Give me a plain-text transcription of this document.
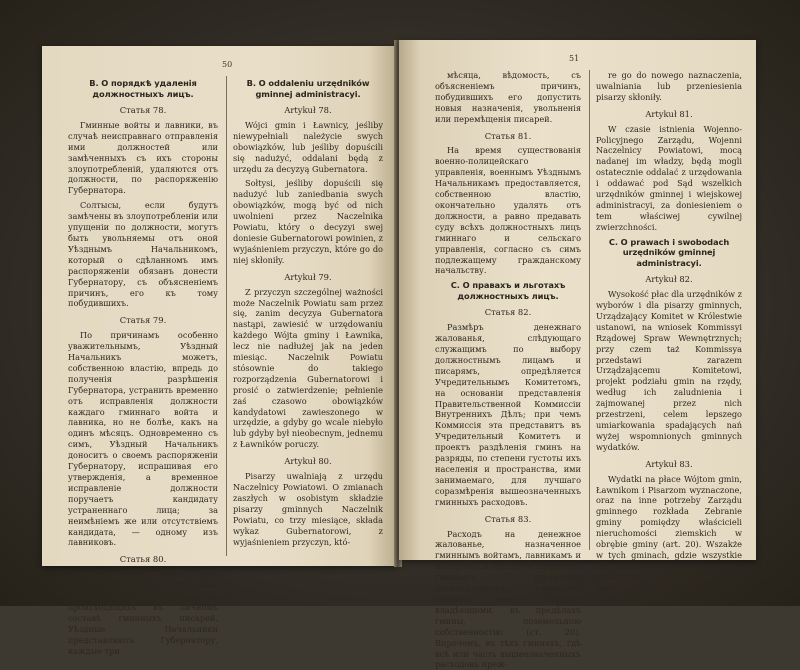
50
В. О порядкѣ удаленія должностныхъ лицъ.
Статья 78.
Гминные войты и лавники, въ случаѣ неисправнаго отправленія ими должностей или замѣченныхъ съ ихъ стороны злоупотребленій, удаляются отъ должности, по распоряженію Губернатора.
Солтысы, если будутъ замѣчены въ злоупотребленіи или упущеніи по должности, могутъ быть увольняемы отъ оной Уѣзднымъ Начальникомъ, который о сдѣланномъ имъ распоряженіи обязанъ донести Губернатору, съ объясненіемъ причинъ, его къ тому побудившихъ.
Статья 79.
По причинамъ особенно уважительнымъ, Уѣздный Начальникъ можетъ, собственною властію, впредь до полученія разрѣшенія Губернатора, устранить временно отъ исправленія должности каждаго гминнаго войта и лавника, но не болѣе, какъ на одинъ мѣсяцъ. Одновременно съ симъ, Уѣздный Начальникъ доноситъ о своемъ распоряженіи Губернатору, испрашивая его утвержденія, а временное исправленіе должности поручаетъ кандидату устраненнаго лица; за неимѣніемъ же или отсутствіемъ кандидата, — одному изъ лавниковъ.
Статья 80.
Писаря увольняются отъ должности Уѣздными Начальниками. О перемѣнахъ, происходящихъ въ личномъ составѣ гминныхъ писарей, Уѣздные Начальники представляютъ Губернатору, каждые три
B. O oddaleniu urzędników gminnej administracyi.
Artykuł 78.
Wójci gmin i Ławnicy, jeśliby niewypełniali należycie swych obowiązków, lub jeśliby dopuścili się nadużyć, oddalani będą z urzędu za decyzyą Gubernatora.
Sołtysi, jeśliby dopuścili się nadużyć lub zaniedbania swych obowiązków, mogą być od nich uwolnieni przez Naczelnika Powiatu, który o decyzyi swej doniesie Gubernatorowi powinien, z wyjaśnieniem przyczyn, które go do niej skłoniły.
Artykuł 79.
Z przyczyn szczególnej ważności może Naczelnik Powiatu sam przez się, zanim decyzya Gubernatora nastąpi, zawiesić w urzędowaniu każdego Wójta gminy i Ławnika, lecz nie nadłużej jak na jeden miesiąc. Naczelnik Powiatu stósownie do takiego rozporządzenia Gubernatorowi i prosić o zatwierdzenie; pełnienie zaś czasowo obowiązków kandydatowi zawieszonego w urzędzie, a gdyby go wcale niebyło lub gdyby był nieobecnym, jednemu z Ławników poruczy.
Artykuł 80.
Pisarzy uwalniają z urzędu Naczelnicy Powiatowi. O zmianach zaszłych w osobistym składzie pisarzy gminnych Naczelnik Powiatu, co trzy miesiące, składa wykaz Gubernatorowi, z wyjaśnieniem przyczyn, któ-
51
мѣсяца, вѣдомость, съ объясненіемъ причинъ, побудившихъ его допустить новыя назначенія, увольненія или перемѣщенія писарей.
Статья 81.
На время существованія военно-полицейскаго управленія, военнымъ Уѣзднымъ Начальникамъ предоставляется, собственною властію, окончательно удалять отъ должности, а равно предавать суду всѣхъ должностныхъ лицъ гминнаго и сельскаго управленія, согласно съ симъ подлежащему гражданскому начальству.
С. О правахъ и льготахъ должностныхъ лицъ.
Статья 82.
Размѣръ денежнаго жалованья, слѣдующаго служащимъ по выбору должностнымъ лицамъ и писарямъ, опредѣляется Учредительнымъ Комитетомъ, на основаніи представленія Правительственной Коммиссіи Внутреннихъ Дѣлъ; при чемъ Коммиссія эта представитъ въ Учредительный Комитетъ и проектъ раздѣленія гминъ на разряды, по степени густоты ихъ населенія и пространства, ими занимаемаго, для лучшаго соразмѣренія вышеозначенныхъ гминныхъ расходовъ.
Статья 83.
Расходъ на денежное жалованье, назначенное гминнымъ войтамъ, лавникамъ и писарямъ, и на прочіе предметы гминнаго управленія раскладывается гминнымъ сходомъ между лицами, владѣющими, въ предѣлахъ гмины, поземельною собственностію (ст. 20). Впрочемъ, въ тѣхъ гминахъ, гдѣ всѣ или часть вышеозначенныхъ расходовъ преж-
re go do nowego naznaczenia, uwalniania lub przeniesienia pisarzy skłoniły.
Artykuł 81.
W czasie istnienia Wojenno-Policyjnego Zarządu, Wojenni Naczelnicy Powiatowi, mocą nadanej im władzy, będą mogli ostatecznie oddalać z urzędowania i oddawać pod Sąd wszelkich urzędników gminnej i wiejskowej administracyi, za doniesieniem o tem właściwej cywilnej zwierzchności.
C. O prawach i swobodach urzędników gminnej administracyi.
Artykuł 82.
Wysokość płac dla urzędników z wyborów i dla pisarzy gminnych, Urządzający Komitet w Królestwie ustanowi, na wniosek Kommissyi Rządowej Spraw Wewnętrznych; przy czem taż Kommissya przedstawi zarazem Urządzającemu Komitetowi, projekt podziału gmin na rzędy, według ich zaludnienia i zajmowanej przez nich przestrzeni, celem lepszego umiarkowania spadających nań wyżej wspomnionych gminnych wydatków.
Artykuł 83.
Wydatki na płace Wójtom gmin, Ławnikom i Pisarzom wyznaczone, oraz na inne potrzeby Zarządu gminnego rozkłada Zebranie gminy pomiędzy właścicieli nieruchomości ziemskich w obrębie gminy (art. 20). Wszakże w tych gminach, gdzie wszystkie lub część wyżej wymienionych wydatków zaspokajane były dawniej z innych źródeł, tam, lie
